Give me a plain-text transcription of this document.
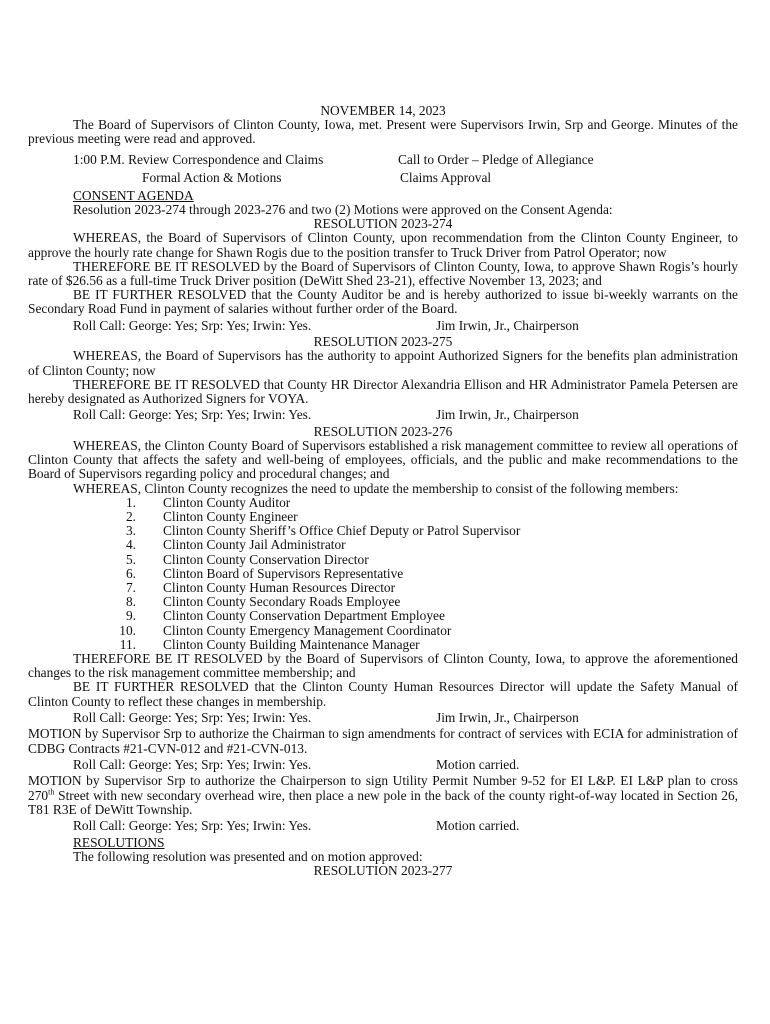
NOVEMBER 14, 2023

The Board of Supervisors of Clinton County, Iowa, met. Present were Supervisors Irwin, Srp and George. Minutes of the previous meeting were read and approved.

1:00 P.M. Review Correspondence and Claims	Call to Order – Pledge of Allegiance
Formal Action & Motions	Claims Approval

CONSENT AGENDA

Resolution 2023-274 through 2023-276 and two (2) Motions were approved on the Consent Agenda:

RESOLUTION 2023-274

WHEREAS, the Board of Supervisors of Clinton County, upon recommendation from the Clinton County Engineer, to approve the hourly rate change for Shawn Rogis due to the position transfer to Truck Driver from Patrol Operator; now

THEREFORE BE IT RESOLVED by the Board of Supervisors of Clinton County, Iowa, to approve Shawn Rogis’s hourly rate of $26.56 as a full-time Truck Driver position (DeWitt Shed 23-21), effective November 13, 2023; and

BE IT FURTHER RESOLVED that the County Auditor be and is hereby authorized to issue bi-weekly warrants on the Secondary Road Fund in payment of salaries without further order of the Board.

Roll Call: George: Yes; Srp: Yes; Irwin: Yes.	Jim Irwin, Jr., Chairperson

RESOLUTION 2023-275

WHEREAS, the Board of Supervisors has the authority to appoint Authorized Signers for the benefits plan administration of Clinton County; now

THEREFORE BE IT RESOLVED that County HR Director Alexandria Ellison and HR Administrator Pamela Petersen are hereby designated as Authorized Signers for VOYA.

Roll Call: George: Yes; Srp: Yes; Irwin: Yes.	Jim Irwin, Jr., Chairperson

RESOLUTION 2023-276

WHEREAS, the Clinton County Board of Supervisors established a risk management committee to review all operations of Clinton County that affects the safety and well-being of employees, officials, and the public and make recommendations to the Board of Supervisors regarding policy and procedural changes; and

WHEREAS, Clinton County recognizes the need to update the membership to consist of the following members:

1.	Clinton County Auditor
2.	Clinton County Engineer
3.	Clinton County Sheriff’s Office Chief Deputy or Patrol Supervisor
4.	Clinton County Jail Administrator
5.	Clinton County Conservation Director
6.	Clinton Board of Supervisors Representative
7.	Clinton County Human Resources Director
8.	Clinton County Secondary Roads Employee
9.	Clinton County Conservation Department Employee
10.	Clinton County Emergency Management Coordinator
11.	Clinton County Building Maintenance Manager

THEREFORE BE IT RESOLVED by the Board of Supervisors of Clinton County, Iowa, to approve the aforementioned changes to the risk management committee membership; and

BE IT FURTHER RESOLVED that the Clinton County Human Resources Director will update the Safety Manual of Clinton County to reflect these changes in membership.

Roll Call: George: Yes; Srp: Yes; Irwin: Yes.	Jim Irwin, Jr., Chairperson

MOTION by Supervisor Srp to authorize the Chairman to sign amendments for contract of services with ECIA for administration of CDBG Contracts #21-CVN-012 and #21-CVN-013.

Roll Call: George: Yes; Srp: Yes; Irwin: Yes.	Motion carried.

MOTION by Supervisor Srp to authorize the Chairperson to sign Utility Permit Number 9-52 for EI L&P. EI L&P plan to cross 270th Street with new secondary overhead wire, then place a new pole in the back of the county right-of-way located in Section 26, T81 R3E of DeWitt Township.

Roll Call: George: Yes; Srp: Yes; Irwin: Yes.	Motion carried.

RESOLUTIONS

The following resolution was presented and on motion approved:

RESOLUTION 2023-277
